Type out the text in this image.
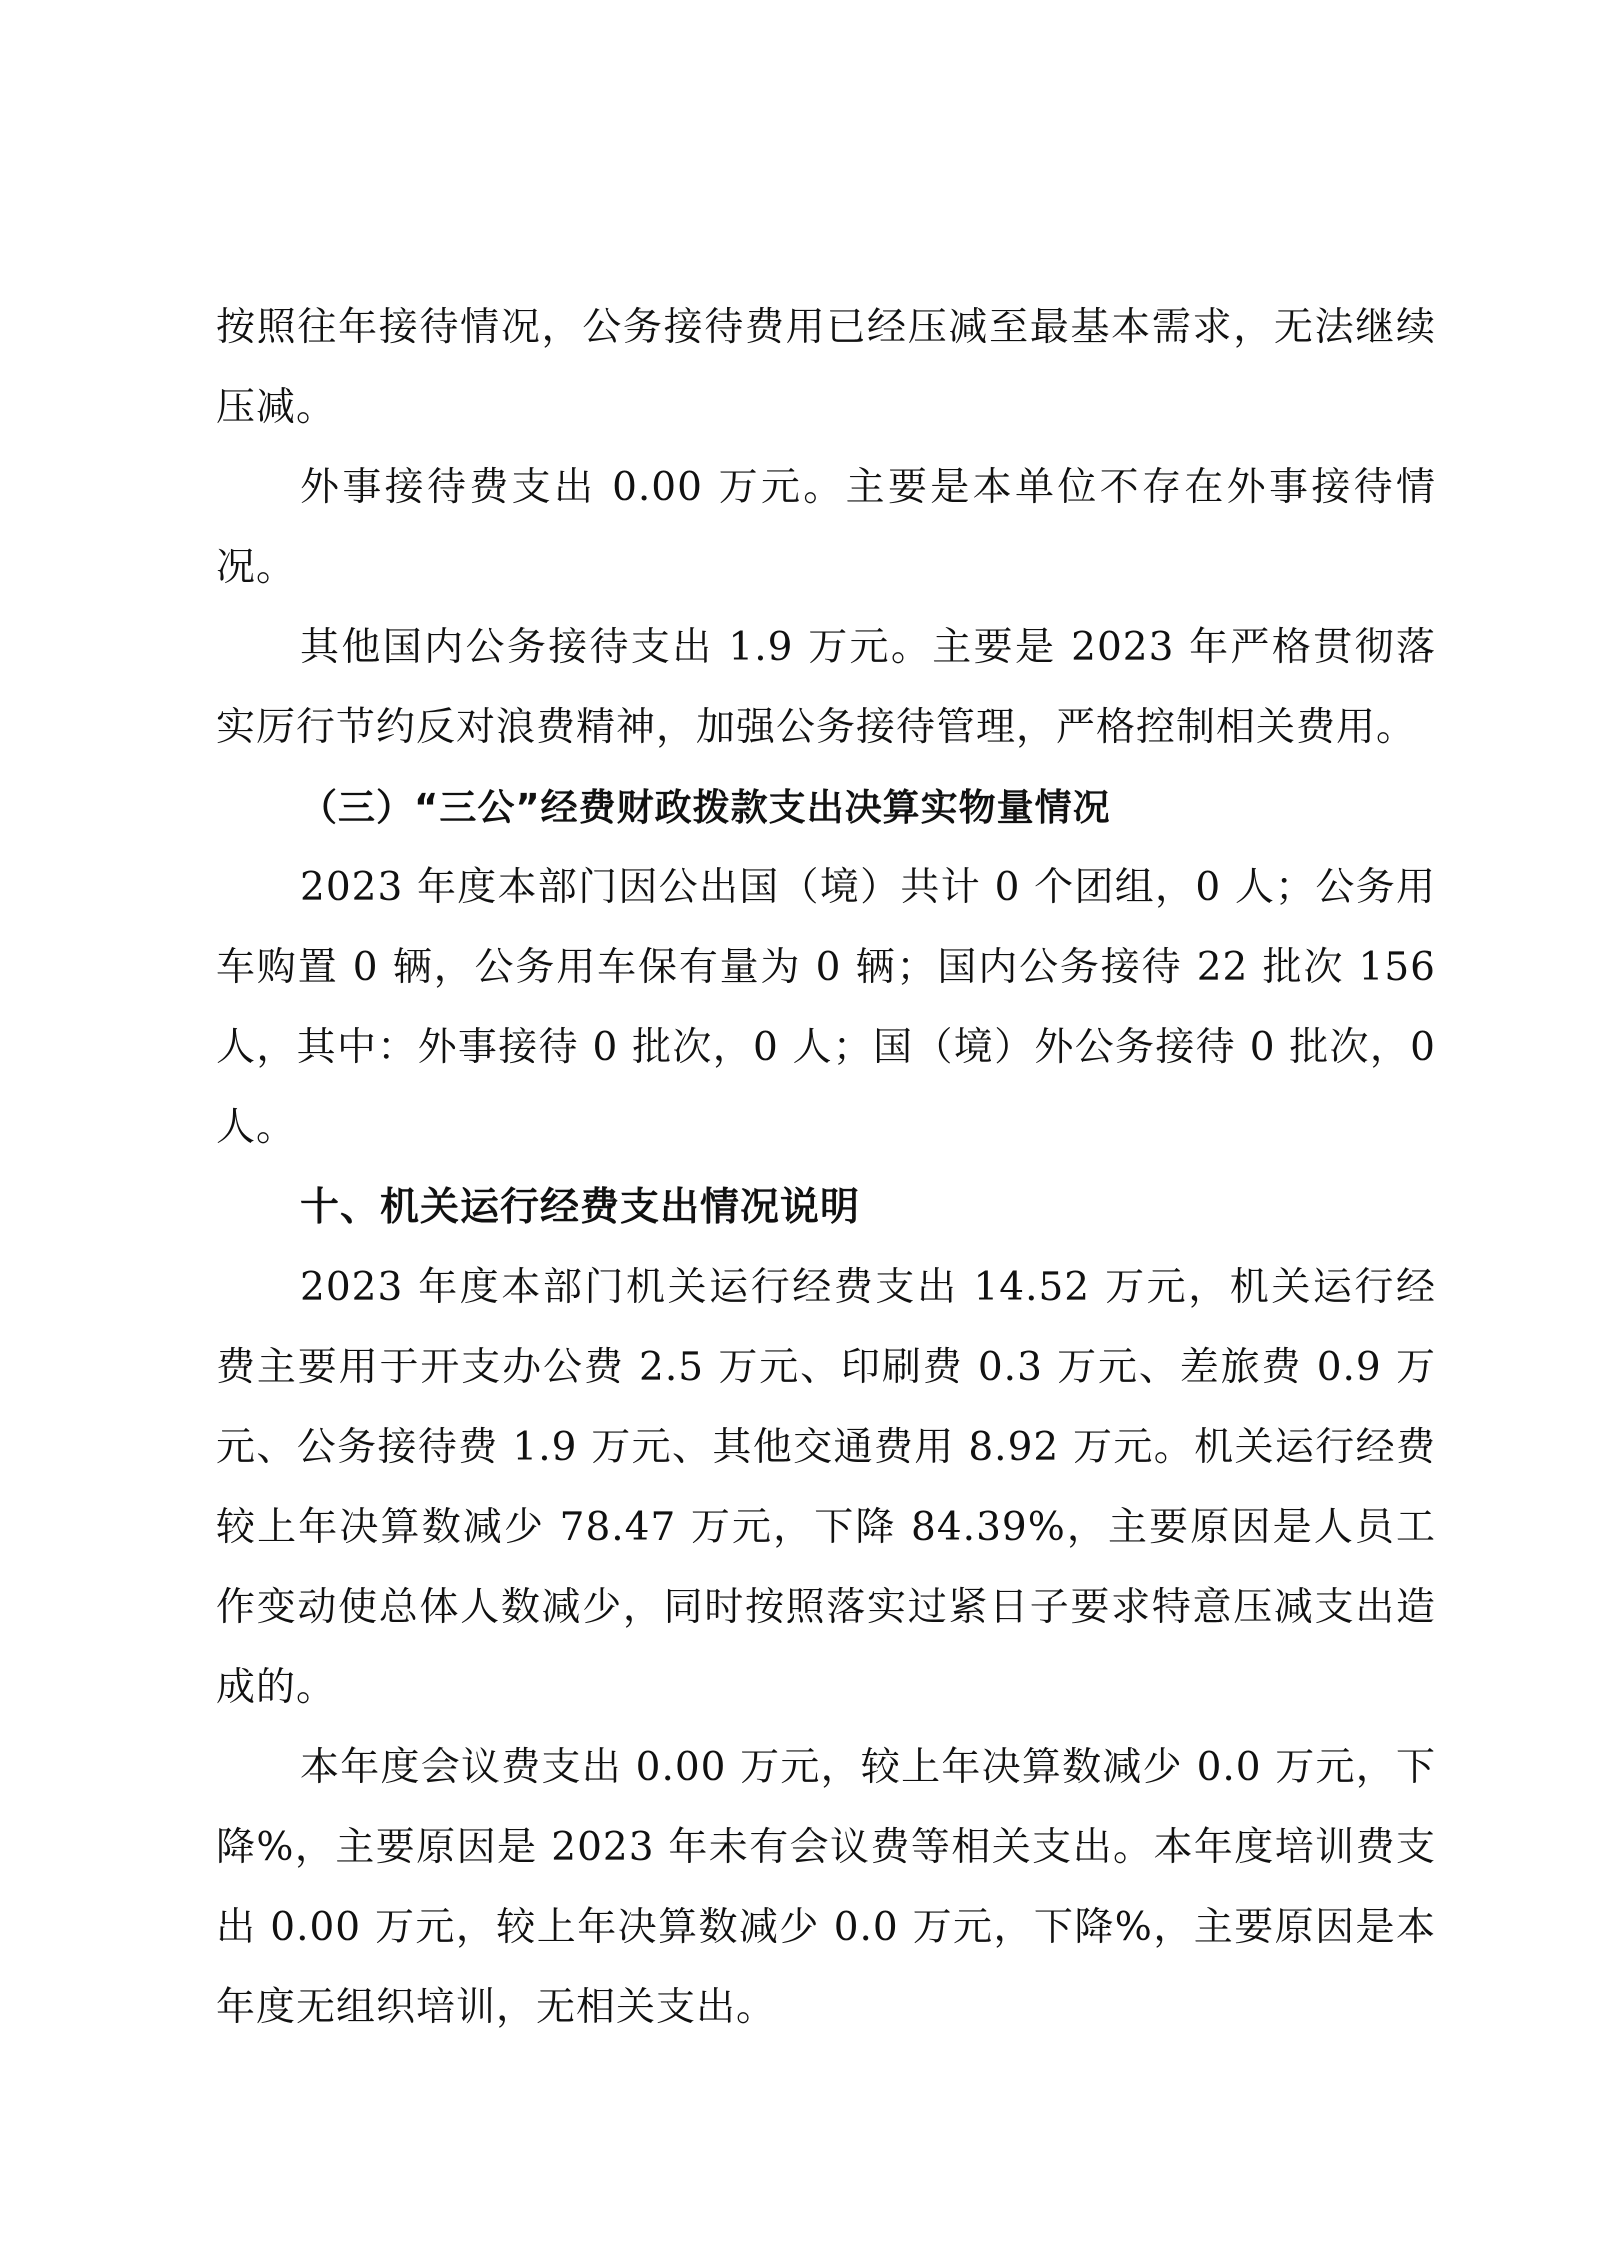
按照往年接待情况，公务接待费用已经压减至最基本需求，无法继续压减。

外事接待费支出 0.00 万元。主要是本单位不存在外事接待情况。

其他国内公务接待支出 1.9 万元。主要是 2023 年严格贯彻落实厉行节约反对浪费精神，加强公务接待管理，严格控制相关费用。

（三）“三公”经费财政拨款支出决算实物量情况

2023 年度本部门因公出国（境）共计 0 个团组，0 人；公务用车购置 0 辆，公务用车保有量为 0 辆；国内公务接待 22 批次 156 人，其中：外事接待 0 批次，0 人；国（境）外公务接待 0 批次，0 人。

十、机关运行经费支出情况说明

2023 年度本部门机关运行经费支出 14.52 万元，机关运行经费主要用于开支办公费 2.5 万元、印刷费 0.3 万元、差旅费 0.9 万元、公务接待费 1.9 万元、其他交通费用 8.92 万元。机关运行经费较上年决算数减少 78.47 万元，下降 84.39%，主要原因是人员工作变动使总体人数减少，同时按照落实过紧日子要求特意压减支出造成的。

本年度会议费支出 0.00 万元，较上年决算数减少 0.0 万元，下降%，主要原因是 2023 年未有会议费等相关支出。本年度培训费支出 0.00 万元，较上年决算数减少 0.0 万元，下降%，主要原因是本年度无组织培训，无相关支出。
